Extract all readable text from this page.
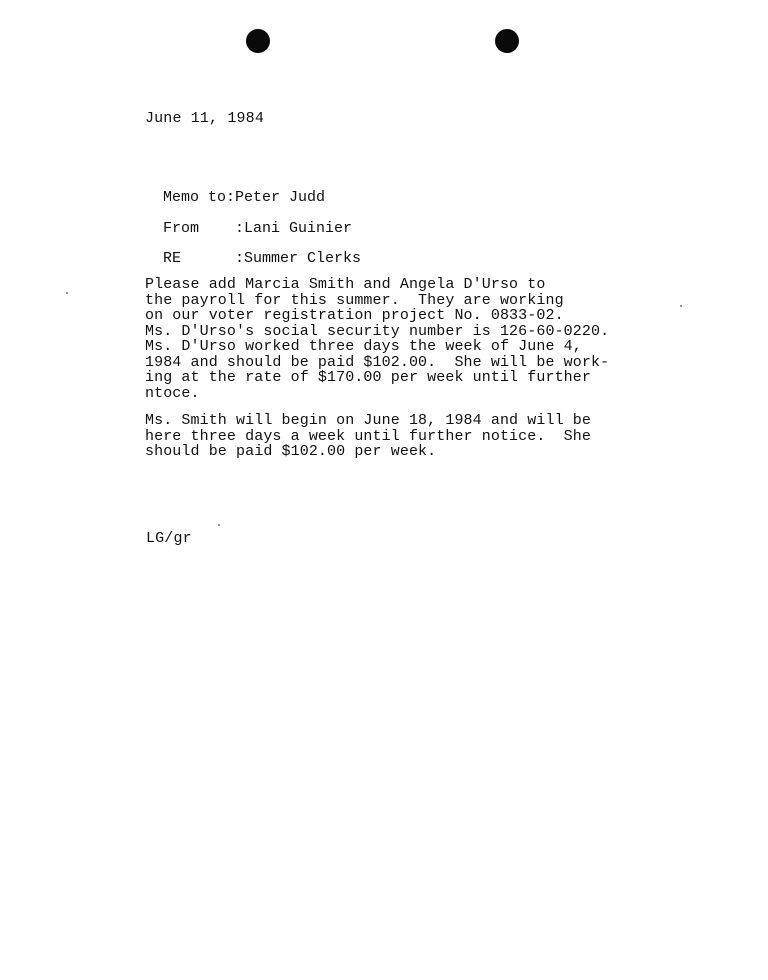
June 11, 1984

Memo to:Peter Judd

From    :Lani Guinier

RE      :Summer Clerks

Please add Marcia Smith and Angela D'Urso to
the payroll for this summer.  They are working
on our voter registration project No. 0833-02.
Ms. D'Urso's social security number is 126-60-0220.
Ms. D'Urso worked three days the week of June 4,
1984 and should be paid $102.00.  She will be work-
ing at the rate of $170.00 per week until further
ntoce.
Ms. Smith will begin on June 18, 1984 and will be
here three days a week until further notice.  She
should be paid $102.00 per week.
LG/gr
